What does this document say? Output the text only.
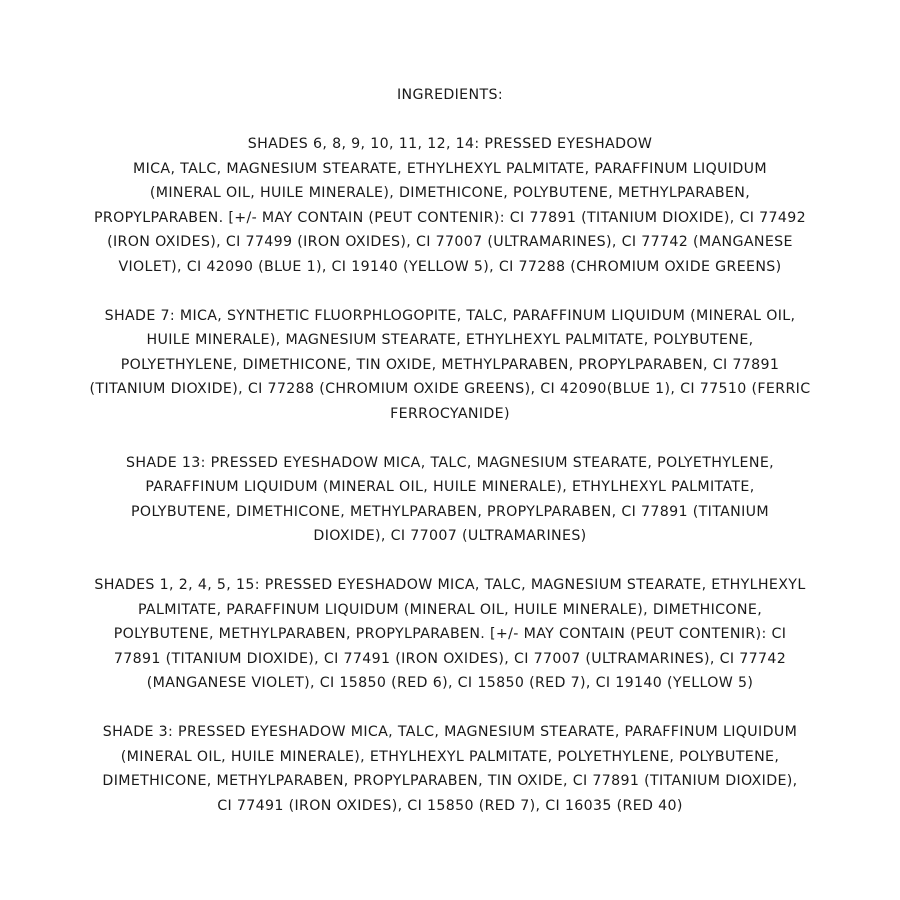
INGREDIENTS:
SHADES 6, 8, 9, 10, 11, 12, 14: PRESSED EYESHADOW
MICA, TALC, MAGNESIUM STEARATE, ETHYLHEXYL PALMITATE, PARAFFINUM LIQUIDUM
(MINERAL OIL, HUILE MINERALE), DIMETHICONE, POLYBUTENE, METHYLPARABEN,
PROPYLPARABEN. [+/- MAY CONTAIN (PEUT CONTENIR): CI 77891 (TITANIUM DIOXIDE), CI 77492
(IRON OXIDES), CI 77499 (IRON OXIDES), CI 77007 (ULTRAMARINES), CI 77742 (MANGANESE
VIOLET), CI 42090 (BLUE 1), CI 19140 (YELLOW 5), CI 77288 (CHROMIUM OXIDE GREENS)
SHADE 7: MICA, SYNTHETIC FLUORPHLOGOPITE, TALC, PARAFFINUM LIQUIDUM (MINERAL OIL,
HUILE MINERALE), MAGNESIUM STEARATE, ETHYLHEXYL PALMITATE, POLYBUTENE,
POLYETHYLENE, DIMETHICONE, TIN OXIDE, METHYLPARABEN, PROPYLPARABEN, CI 77891
(TITANIUM DIOXIDE), CI 77288 (CHROMIUM OXIDE GREENS), CI 42090(BLUE 1), CI 77510 (FERRIC
FERROCYANIDE)
SHADE 13: PRESSED EYESHADOW MICA, TALC, MAGNESIUM STEARATE, POLYETHYLENE,
PARAFFINUM LIQUIDUM (MINERAL OIL, HUILE MINERALE), ETHYLHEXYL PALMITATE,
POLYBUTENE, DIMETHICONE, METHYLPARABEN, PROPYLPARABEN, CI 77891 (TITANIUM
DIOXIDE), CI 77007 (ULTRAMARINES)
SHADES 1, 2, 4, 5, 15: PRESSED EYESHADOW MICA, TALC, MAGNESIUM STEARATE, ETHYLHEXYL
PALMITATE, PARAFFINUM LIQUIDUM (MINERAL OIL, HUILE MINERALE), DIMETHICONE,
POLYBUTENE, METHYLPARABEN, PROPYLPARABEN. [+/- MAY CONTAIN (PEUT CONTENIR): CI
77891 (TITANIUM DIOXIDE), CI 77491 (IRON OXIDES), CI 77007 (ULTRAMARINES), CI 77742
(MANGANESE VIOLET), CI 15850 (RED 6), CI 15850 (RED 7), CI 19140 (YELLOW 5)
SHADE 3: PRESSED EYESHADOW MICA, TALC, MAGNESIUM STEARATE, PARAFFINUM LIQUIDUM
(MINERAL OIL, HUILE MINERALE), ETHYLHEXYL PALMITATE, POLYETHYLENE, POLYBUTENE,
DIMETHICONE, METHYLPARABEN, PROPYLPARABEN, TIN OXIDE, CI 77891 (TITANIUM DIOXIDE),
CI 77491 (IRON OXIDES), CI 15850 (RED 7), CI 16035 (RED 40)
